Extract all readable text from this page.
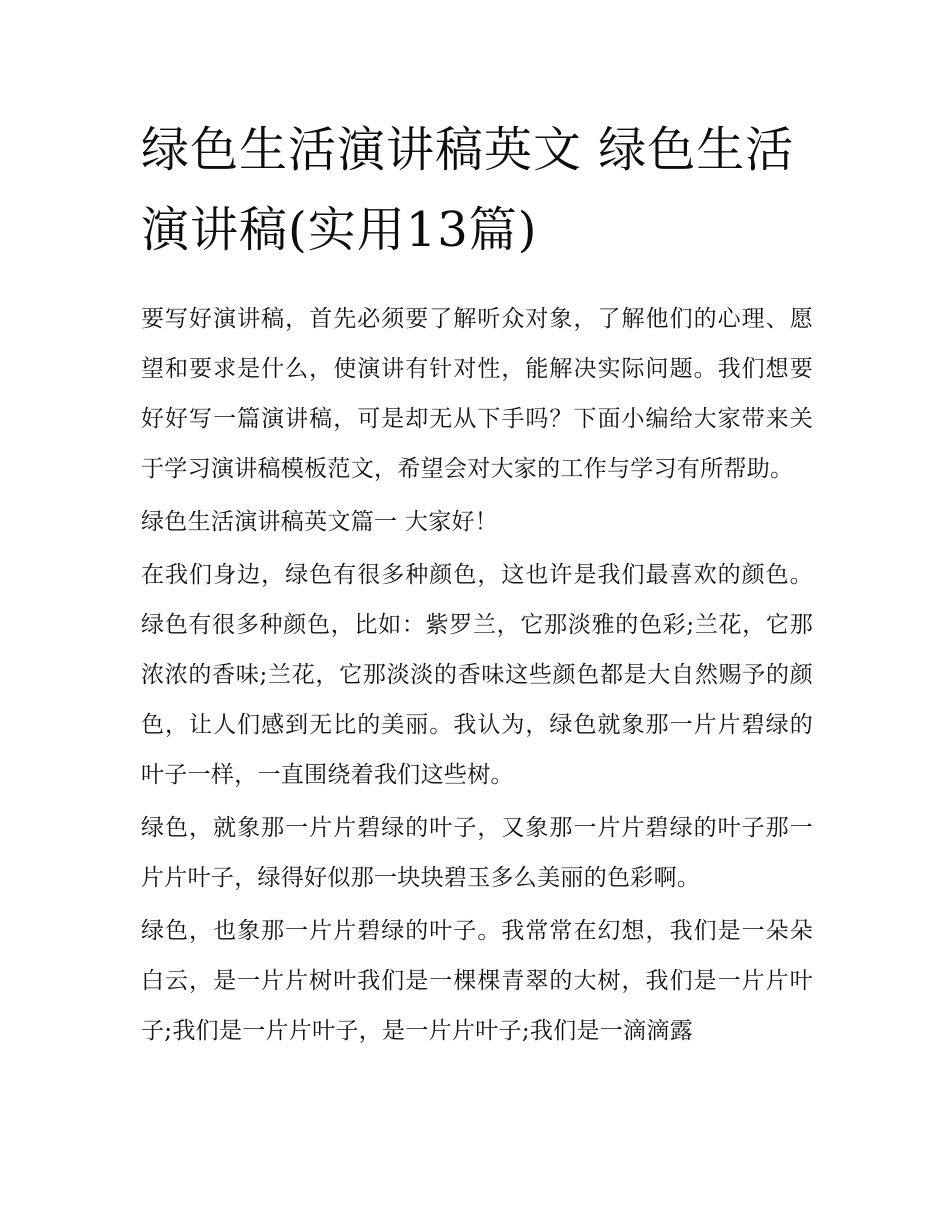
绿色生活演讲稿英文 绿色生活演讲稿(实用13篇)

要写好演讲稿，首先必须要了解听众对象，了解他们的心理、愿望和要求是什么，使演讲有针对性，能解决实际问题。我们想要好好写一篇演讲稿，可是却无从下手吗？下面小编给大家带来关于学习演讲稿模板范文，希望会对大家的工作与学习有所帮助。

绿色生活演讲稿英文篇一 大家好！

在我们身边，绿色有很多种颜色，这也许是我们最喜欢的颜色。绿色有很多种颜色，比如：紫罗兰，它那淡雅的色彩;兰花，它那浓浓的香味;兰花，它那淡淡的香味这些颜色都是大自然赐予的颜色，让人们感到无比的美丽。我认为，绿色就象那一片片碧绿的叶子一样，一直围绕着我们这些树。

绿色，就象那一片片碧绿的叶子，又象那一片片碧绿的叶子那一片片叶子，绿得好似那一块块碧玉多么美丽的色彩啊。

绿色，也象那一片片碧绿的叶子。我常常在幻想，我们是一朵朵白云，是一片片树叶我们是一棵棵青翠的大树，我们是一片片叶子;我们是一片片叶子，是一片片叶子;我们是一滴滴露
